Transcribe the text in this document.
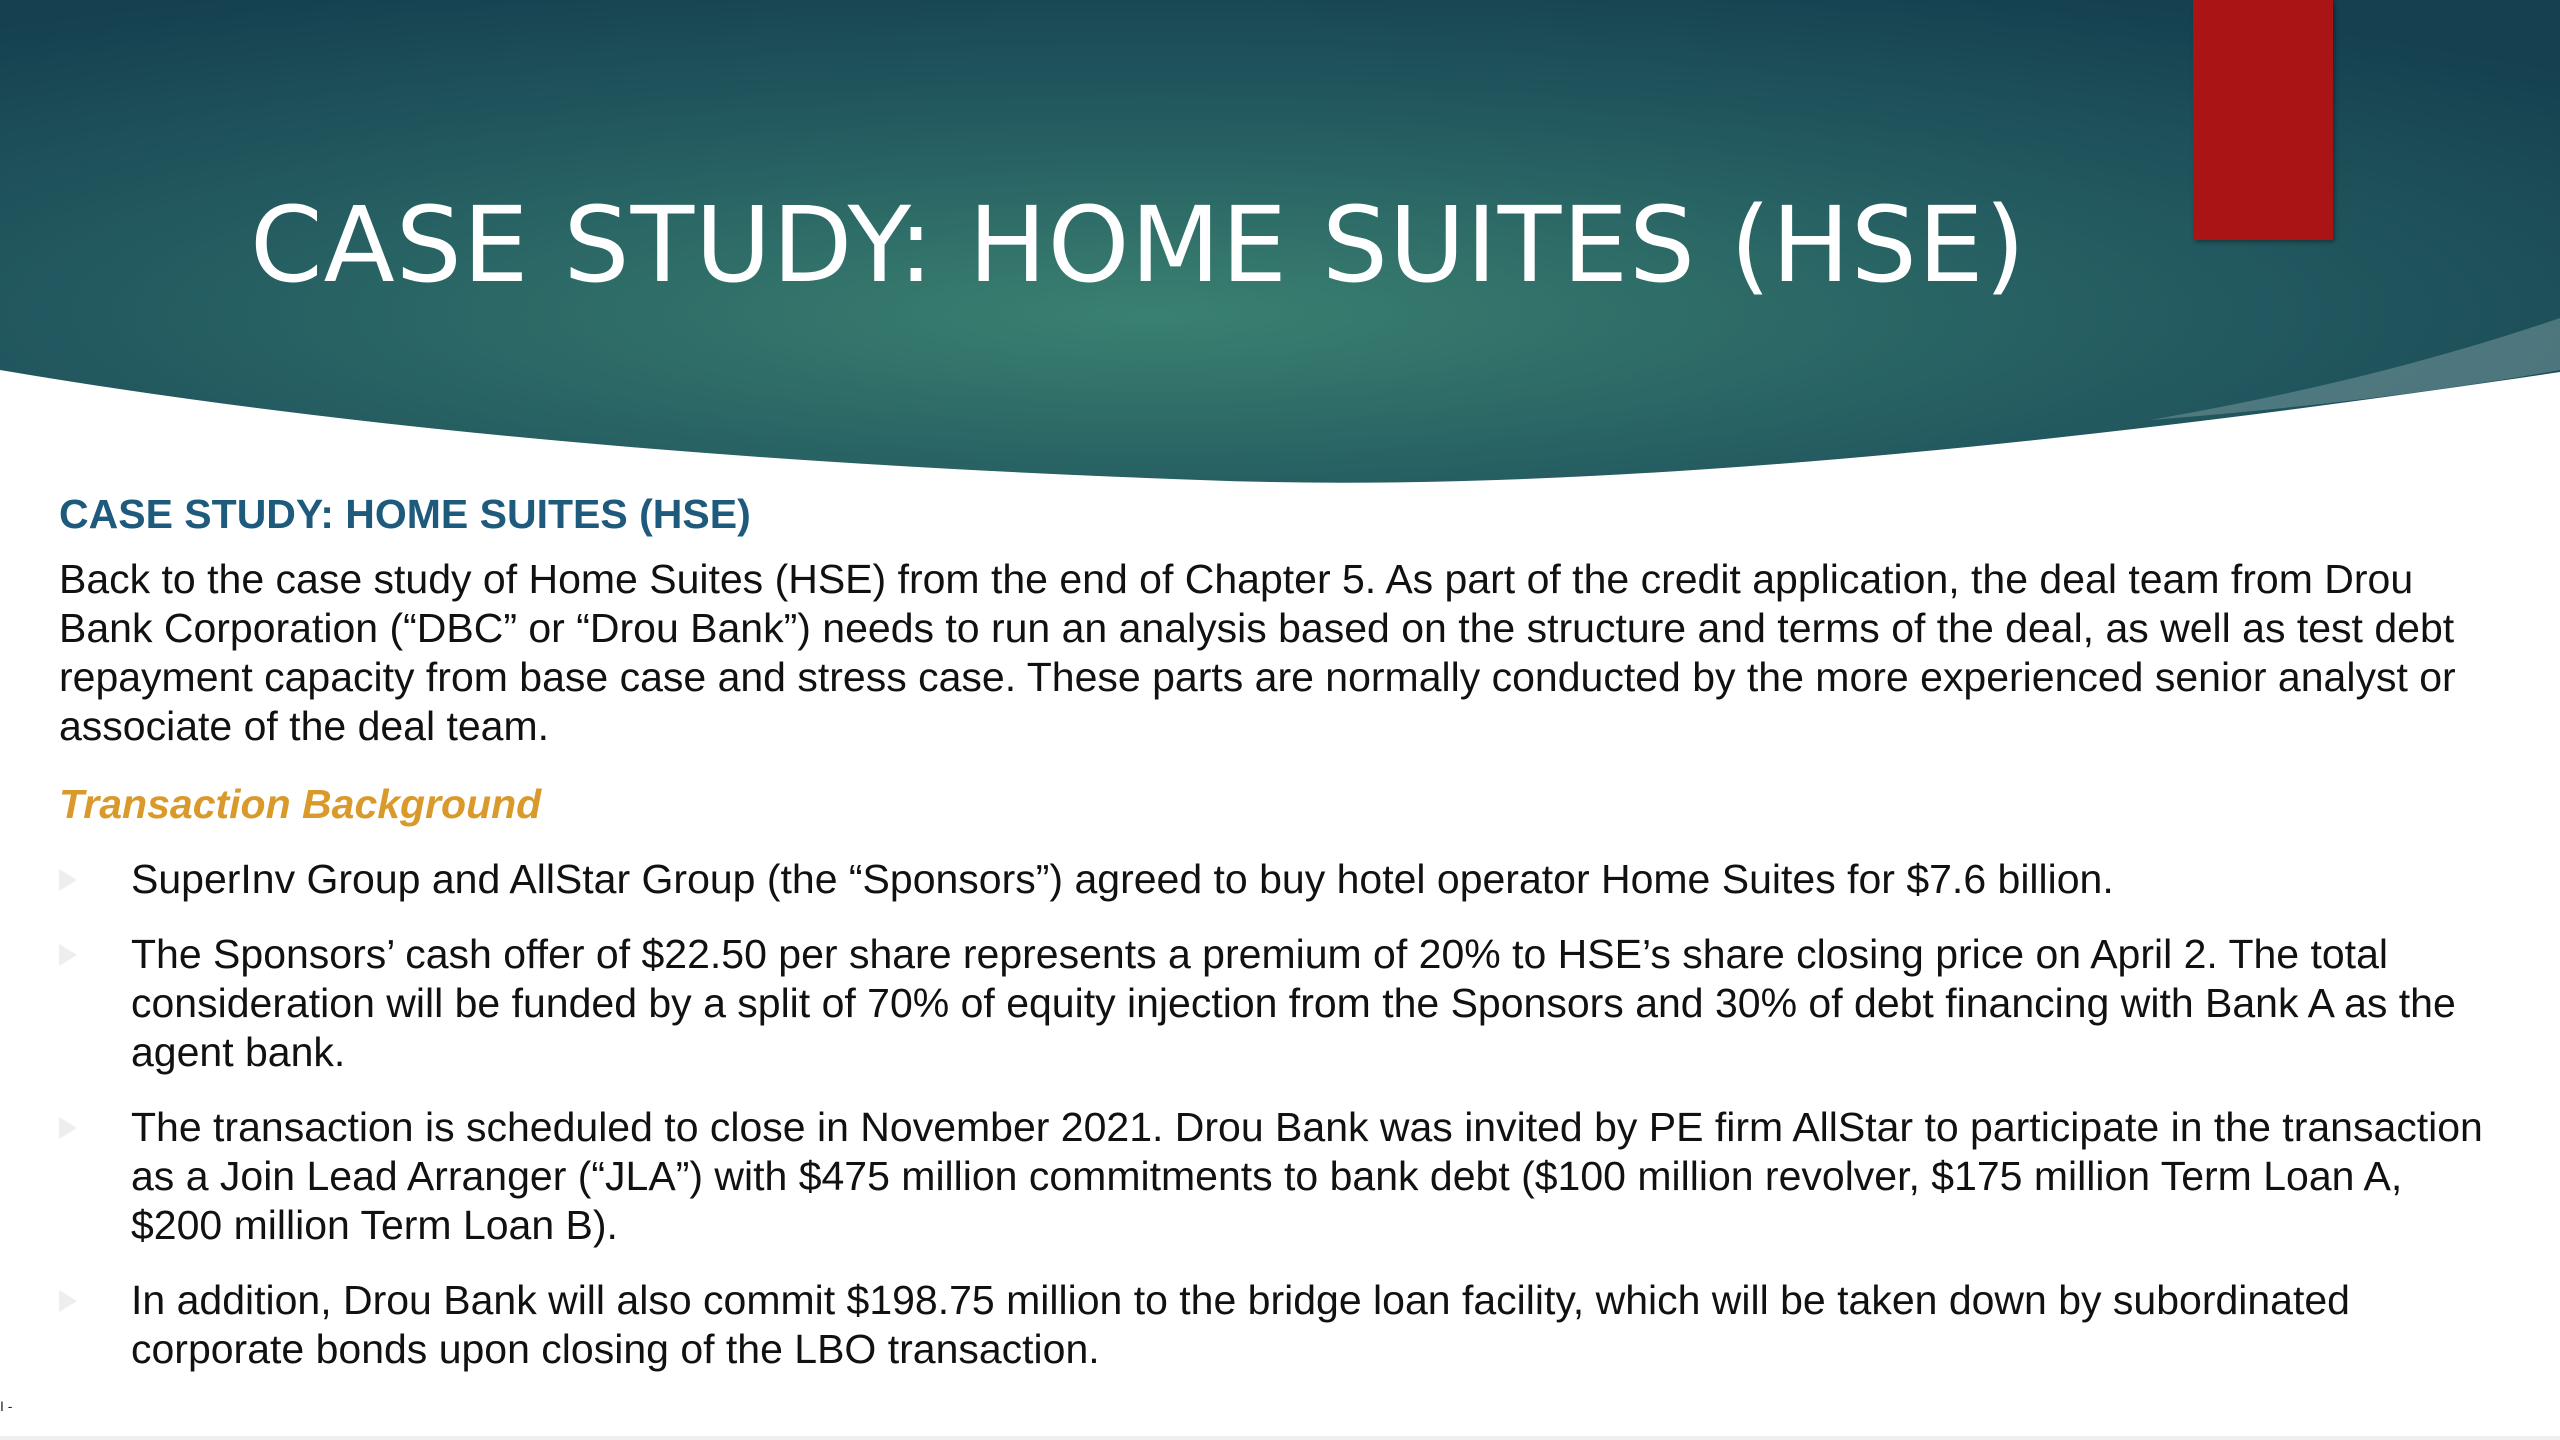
CASE STUDY: HOME SUITES (HSE)
CASE STUDY: HOME SUITES (HSE)

Back to the case study of Home Suites (HSE) from the end of Chapter 5. As part of the credit application, the deal team from Drou Bank Corporation (“DBC” or “Drou Bank”) needs to run an analysis based on the structure and terms of the deal, as well as test debt repayment capacity from base case and stress case. These parts are normally conducted by the more experienced senior analyst or associate of the deal team.

Transaction Background
SuperInv Group and AllStar Group (the “Sponsors”) agreed to buy hotel operator Home Suites for $7.6 billion.
The Sponsors’ cash offer of $22.50 per share represents a premium of 20% to HSE’s share closing price on April 2. The total consideration will be funded by a split of 70% of equity injection from the Sponsors and 30% of debt financing with Bank A as the agent bank.
The transaction is scheduled to close in November 2021. Drou Bank was invited by PE firm AllStar to participate in the transaction as a Join Lead Arranger (“JLA”) with $475 million commitments to bank debt ($100 million revolver, $175 million Term Loan A, $200 million Term Loan B).
In addition, Drou Bank will also commit $198.75 million to the bridge loan facility, which will be taken down by subordinated corporate bonds upon closing of the LBO transaction.
I -
